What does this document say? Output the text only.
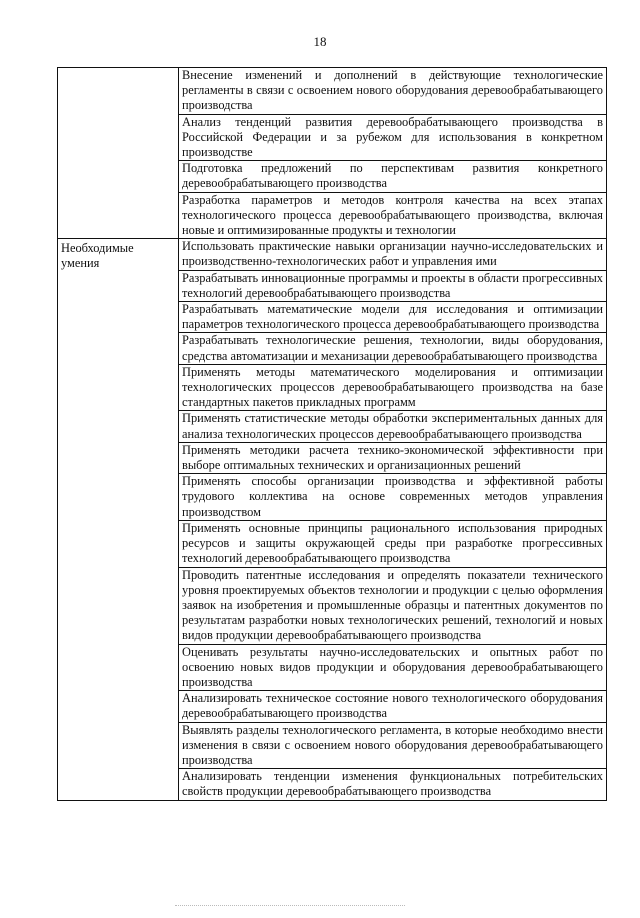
18

	Внесение изменений и дополнений в действующие технологические регламенты в связи с освоением нового оборудования деревообрабатывающего производства

	Анализ тенденций развития деревообрабатывающего производства в Российской Федерации и за рубежом для использования в конкретном производстве

	Подготовка предложений по перспективам развития конкретного деревообрабатывающего производства

	Разработка параметров и методов контроля качества на всех этапах технологического процесса деревообрабатывающего производства, включая новые и оптимизированные продукты и технологии

Необходимые умения	Использовать практические навыки организации научно-исследовательских и производственно-технологических работ и управления ими

	Разрабатывать инновационные программы и проекты в области прогрессивных технологий деревообрабатывающего производства

	Разрабатывать математические модели для исследования и оптимизации параметров технологического процесса деревообрабатывающего производства

	Разрабатывать технологические решения, технологии, виды оборудования, средства автоматизации и механизации деревообрабатывающего производства

	Применять методы математического моделирования и оптимизации технологических процессов деревообрабатывающего производства на базе стандартных пакетов прикладных программ

	Применять статистические методы обработки экспериментальных данных для анализа технологических процессов деревообрабатывающего производства

	Применять методики расчета технико-экономической эффективности при выборе оптимальных технических и организационных решений

	Применять способы организации производства и эффективной работы трудового коллектива на основе современных методов управления производством

	Применять основные принципы рационального использования природных ресурсов и защиты окружающей среды при разработке прогрессивных технологий деревообрабатывающего производства

	Проводить патентные исследования и определять показатели технического уровня проектируемых объектов технологии и продукции с целью оформления заявок на изобретения и промышленные образцы и патентных документов по результатам разработки новых технологических решений, технологий и новых видов продукции деревообрабатывающего производства

	Оценивать результаты научно-исследовательских и опытных работ по освоению новых видов продукции и оборудования деревообрабатывающего производства

	Анализировать техническое состояние нового технологического оборудования деревообрабатывающего производства

	Выявлять разделы технологического регламента, в которые необходимо внести изменения в связи с освоением нового оборудования деревообрабатывающего производства

	Анализировать тенденции изменения функциональных потребительских свойств продукции деревообрабатывающего производства
